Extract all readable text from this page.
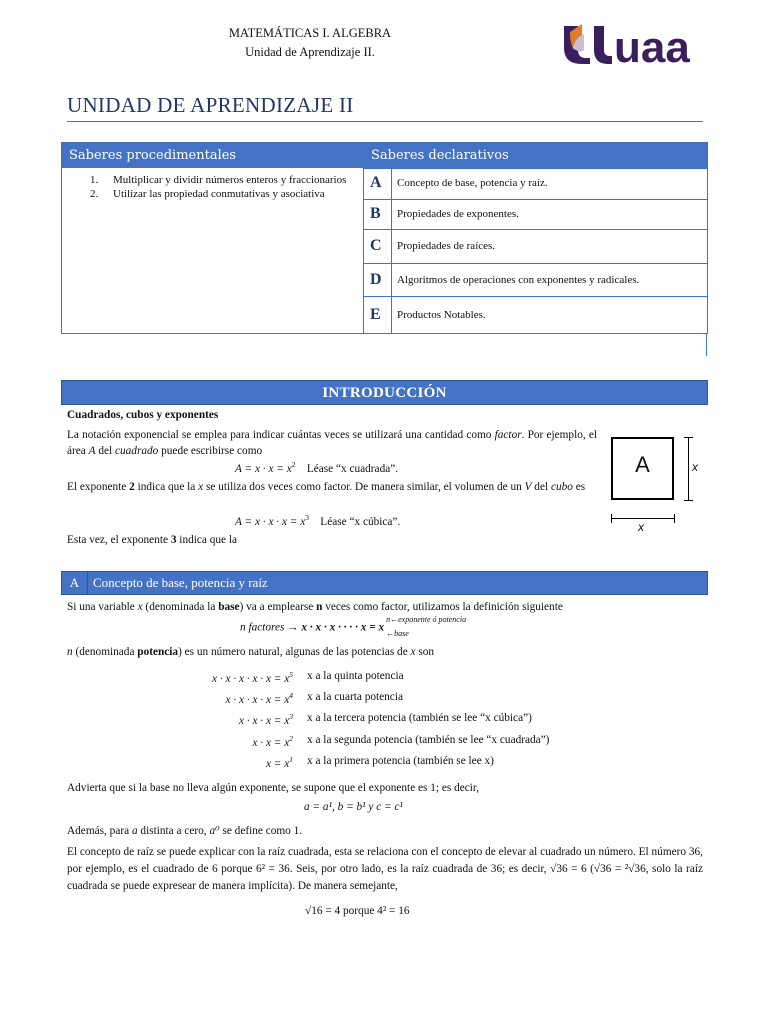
MATEMÁTICAS I. ALGEBRA
Unidad de Aprendizaje II.	uaa
UNIDAD DE APRENDIZAJE II
Saberes procedimentales	Saberes declarativos
1. Multiplicar y dividir números enteros y fraccionarios
2. Utilizar las propiedad conmutativas y asociativa
A Concepto de base, potencia y raíz.
B Propiedades de exponentes.
C Propiedades de raíces.
D Algoritmos de operaciones con exponentes y radicales.
E Productos Notables.
INTRODUCCIÓN
Cuadrados, cubos y exponentes
La notación exponencial se emplea para indicar cuántas veces se utilizará una cantidad como factor. Por ejemplo, el área A del cuadrado puede escribirse como
$A = x \cdot x = x^2$ Léase “x cuadrada”.
El exponente 2 indica que la x se utiliza dos veces como factor. De manera similar, el volumen de un V del cubo es
$A = x \cdot x \cdot x = x^3$ Léase “x cúbica”.
Esta vez, el exponente 3 indica que la
A	x
x
A	Concepto de base, potencia y raíz
Si una variable x (denominada la base) va a emplearse n veces como factor, utilizamos la definición siguiente
n factores → x · x · x · · · · x = x
n←exponente ó potencia
←base
n (denominada potencia) es un número natural, algunas de las potencias de x son
$x \cdot x \cdot x \cdot x \cdot x = x^5$ x a la quinta potencia
$x \cdot x \cdot x \cdot x = x^4$ x a la cuarta potencia
$x \cdot x \cdot x = x^3$ x a la tercera potencia (también se lee “x cúbica”)
$x \cdot x = x^2$ x a la segunda potencia (también se lee “x cuadrada”)
$x = x^1$ x a la primera potencia (también se lee x)
Advierta que si la base no lleva algún exponente, se supone que el exponente es 1; es decir,
a = a¹, b = b¹ y c = c¹
Además, para a distinta a cero, a⁰ se define como 1.
El concepto de raíz se puede explicar con la raíz cuadrada, esta se relaciona con el concepto de elevar al cuadrado un número. El número 36, por ejemplo, es el cuadrado de 6 porque 6² = 36. Seis, por otro lado, es la raíz cuadrada de 36; es decir, √36 = 6 (√36 = ²√36, solo la raíz cuadrada se puede expresear de manera implícita). De manera semejante,
√16 = 4 porque 4² = 16
